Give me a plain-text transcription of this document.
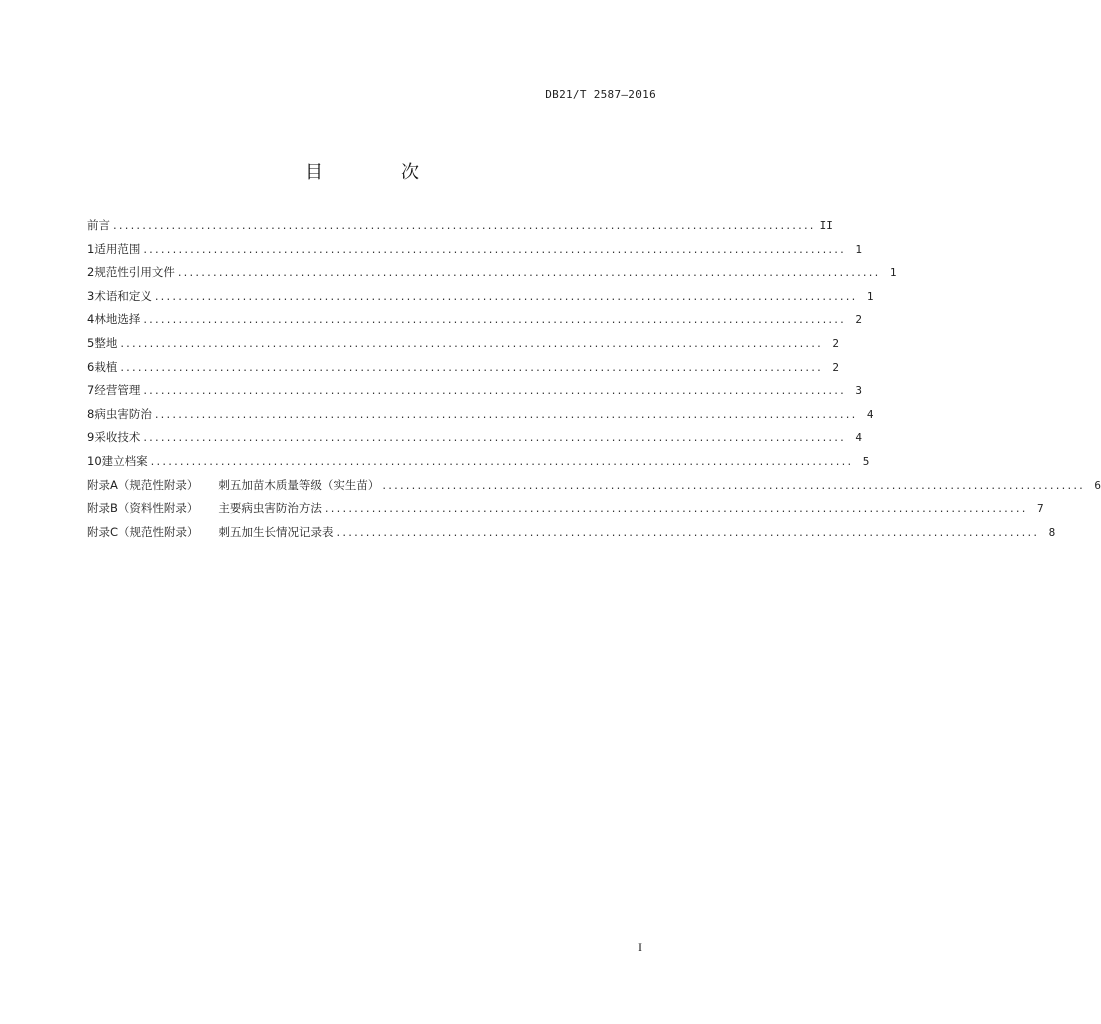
DB21/T 2587—2016
目　次
前言 ........................................................................................................................ II
1 适用范围 ........................................................................................................................ 1
2 规范性引用文件 ........................................................................................................................ 1
3 术语和定义 ........................................................................................................................ 1
4 林地选择 ........................................................................................................................ 2
5 整地 ........................................................................................................................ 2
6 栽植 ........................................................................................................................ 2
7 经营管理 ........................................................................................................................ 3
8 病虫害防治 ........................................................................................................................ 4
9 采收技术 ........................................................................................................................ 4
10 建立档案 ........................................................................................................................ 5
附录A（规范性附录） 刺五加苗木质量等级（实生苗） ........................................................................................................................ 6
附录B（资料性附录） 主要病虫害防治方法 ........................................................................................................................ 7
附录C（规范性附录） 刺五加生长情况记录表 ........................................................................................................................ 8
I
